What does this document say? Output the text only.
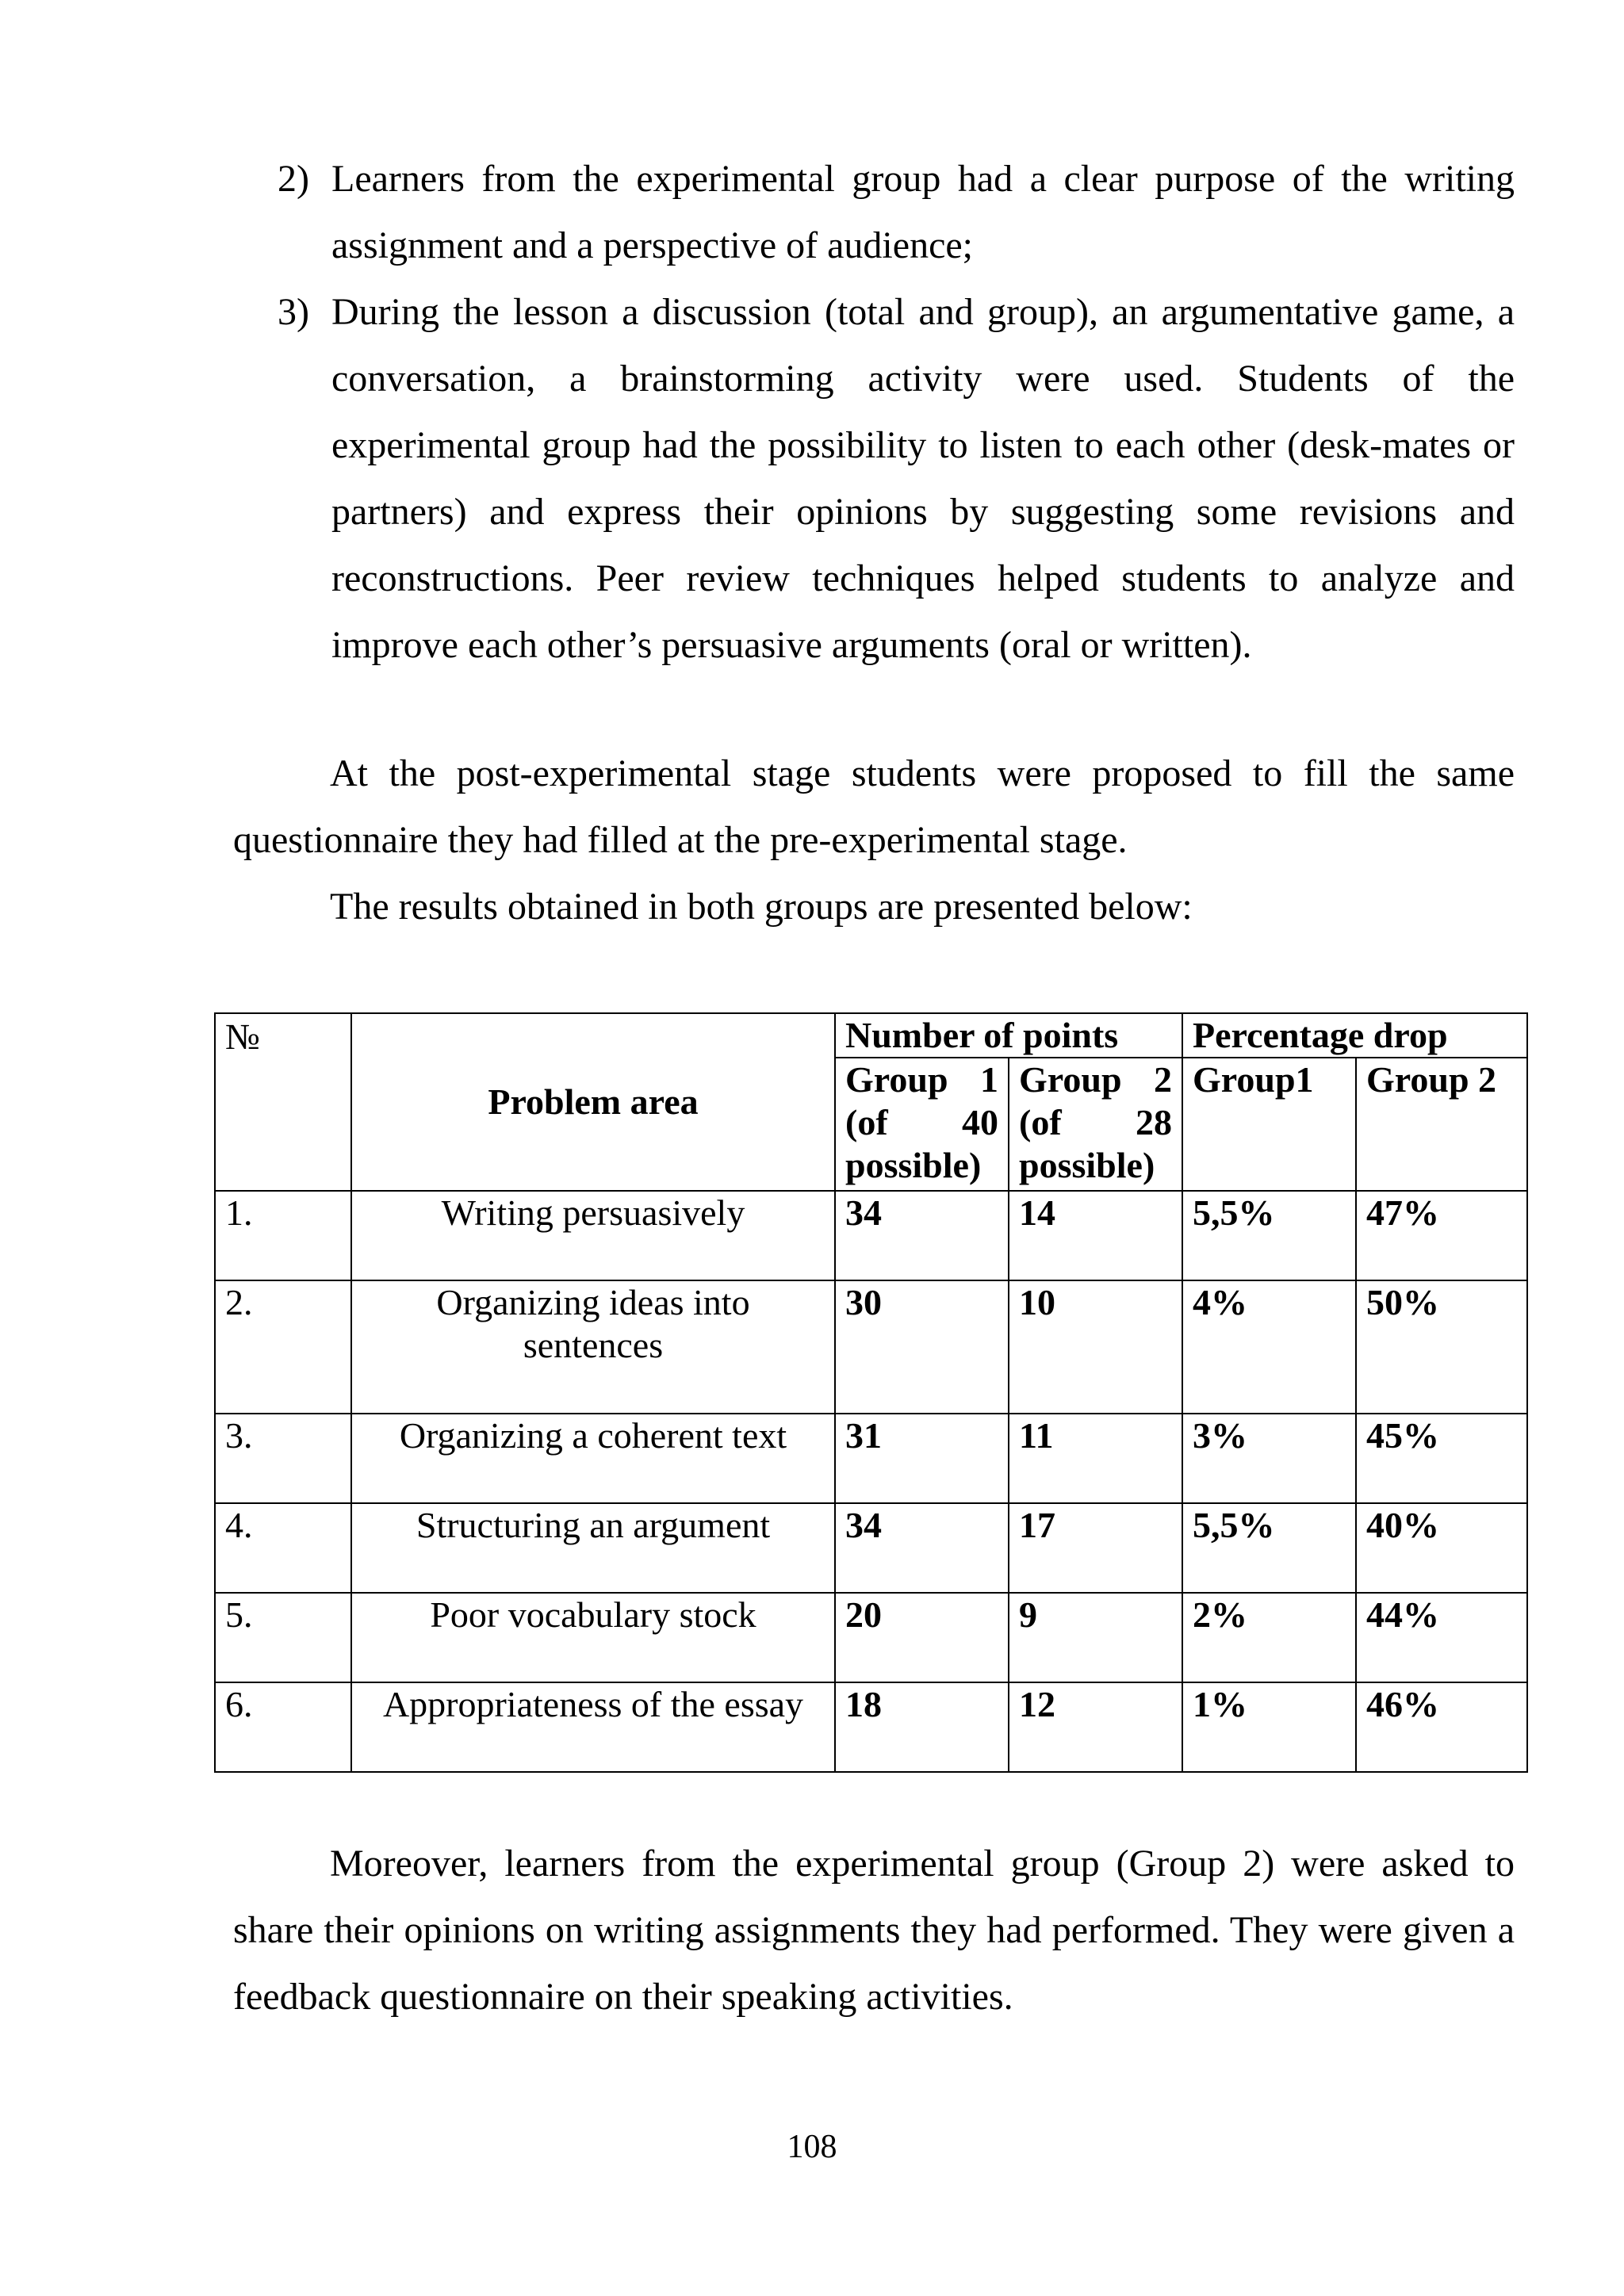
2) Learners from the experimental group had a clear purpose of the writing assignment and a perspective of audience;
3) During the lesson a discussion (total and group), an argumentative game, a conversation, a brainstorming activity were used. Students of the experimental group had the possibility to listen to each other (desk-mates or partners) and express their opinions by suggesting some revisions and reconstructions. Peer review techniques helped students to analyze and improve each other’s persuasive arguments (oral or written).

At the post-experimental stage students were proposed to fill the same questionnaire they had filled at the pre-experimental stage.

The results obtained in both groups are presented below:

№	Problem area	Number of points		Percentage drop	
		Group 1 (of 40 possible)	Group 2 (of 28 possible)	Group1	Group 2
1.	Writing persuasively	34	14	5,5%	47%
2.	Organizing ideas into sentences	30	10	4%	50%
3.	Organizing a coherent text	31	11	3%	45%
4.	Structuring an argument	34	17	5,5%	40%
5.	Poor vocabulary stock	20	9	2%	44%
6.	Appropriateness of the essay	18	12	1%	46%

Moreover, learners from the experimental group (Group 2) were asked to share their opinions on writing assignments they had performed. They were given a feedback questionnaire on their speaking activities.

108
